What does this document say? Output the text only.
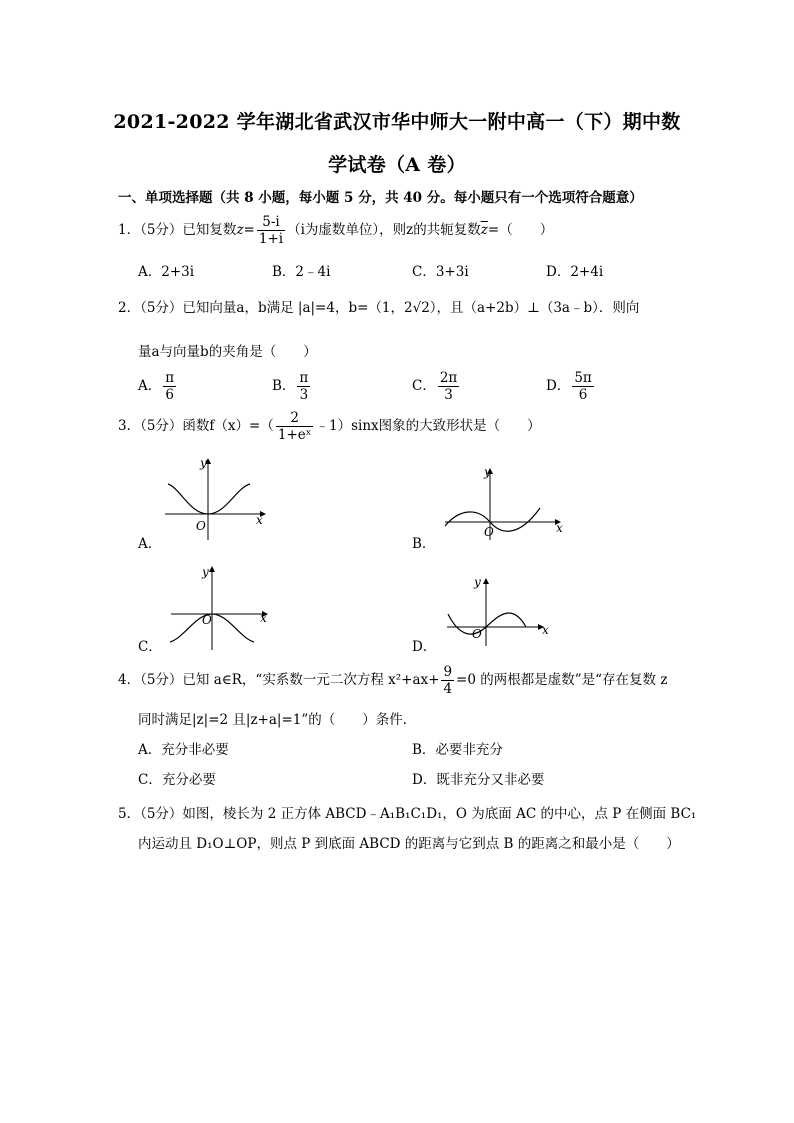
2021-2022 学年湖北省武汉市华中师大一附中高一（下）期中数
学试卷（A 卷）
一、单项选择题（共 8 小题，每小题 5 分，共 40 分。每小题只有一个选项符合题意）
1．（5分）已知复数$z= \frac{5-i}{1+i} (i$为虚数单位），则z的共轭复数$\overline{z}=$（　　）
A．2+3i	B．2﹣4i	C．3+3i	D．2+4i
2．（5分）已知向量a，b满足 |a|=4，b=（1，2√2），且（a+2b）⊥（3a﹣b）．则向
量a与向量b的夹角是（　　）
A． $\frac{\pi}{6}$	B． $\frac{\pi}{3}$	C． $\frac{2\pi}{3}$	D． $\frac{5\pi}{6}$
3．（5分）函数$f(x)=( \frac{2}{\text{1+eˣ}}$ ﹣1）sinx图象的大致形状是（　　）
A．
y
x
O
B．
y
x
O
C．
y
x
O
D．
y
x
O
4．（5分）已知 a∈R，“实系数一元二次方程 $x^2+ax+ \frac{9}{4} =0$ 的两根都是虚数”是“存在复数 z
同时满足|z|=2 且|z+a|=1”的（　　）条件．
A．充分非必要	B．必要非充分
C．充分必要	D．既非充分又非必要
5．（5分）如图，棱长为 2 正方体 ABCD﹣A₁B₁C₁D₁，O 为底面 AC 的中心，点 P 在侧面 BC₁
内运动且 D₁O⊥OP，则点 P 到底面 ABCD 的距离与它到点 B 的距离之和最小是（　　）
